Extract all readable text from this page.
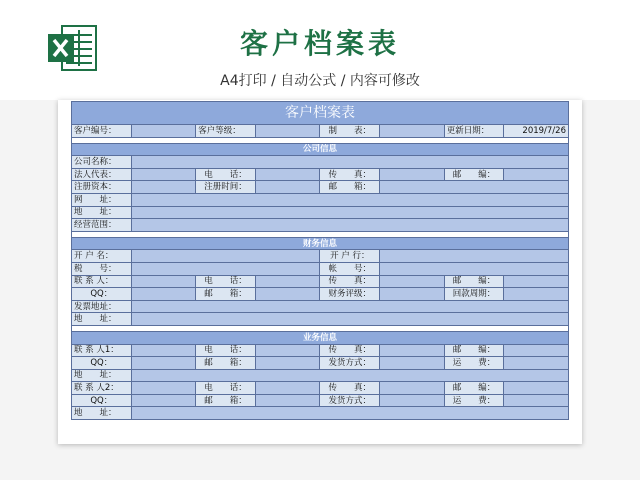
客户档案表
A4打印 / 自动公式 / 内容可修改
客户档案表							
客户编号：		客户等级：		制　　表：		更新日期：	2019/7/26

公司信息							
公司名称：							
法人代表：		电　　话：		传　　真：		邮　　编：	
注册资本：		注册时间：		邮　　箱：			
网　　址：							
地　　址：							
经营范围：							

财务信息							
开 户 名：				开 户 行：			
税　　号：				帐　　号：			
联 系 人：		电　　话：		传　　真：		邮　　编：	
QQ：		邮　　箱：		财务评级：		回款周期：	
发票地址：							
地　　址：							

业务信息							
联 系 人1：		电　　话：		传　　真：		邮　　编：	
QQ：		邮　　箱：		发货方式：		运　　费：	
地　　址：							
联 系 人2：		电　　话：		传　　真：		邮　　编：	
QQ：		邮　　箱：		发货方式：		运　　费：	
地　　址：							
